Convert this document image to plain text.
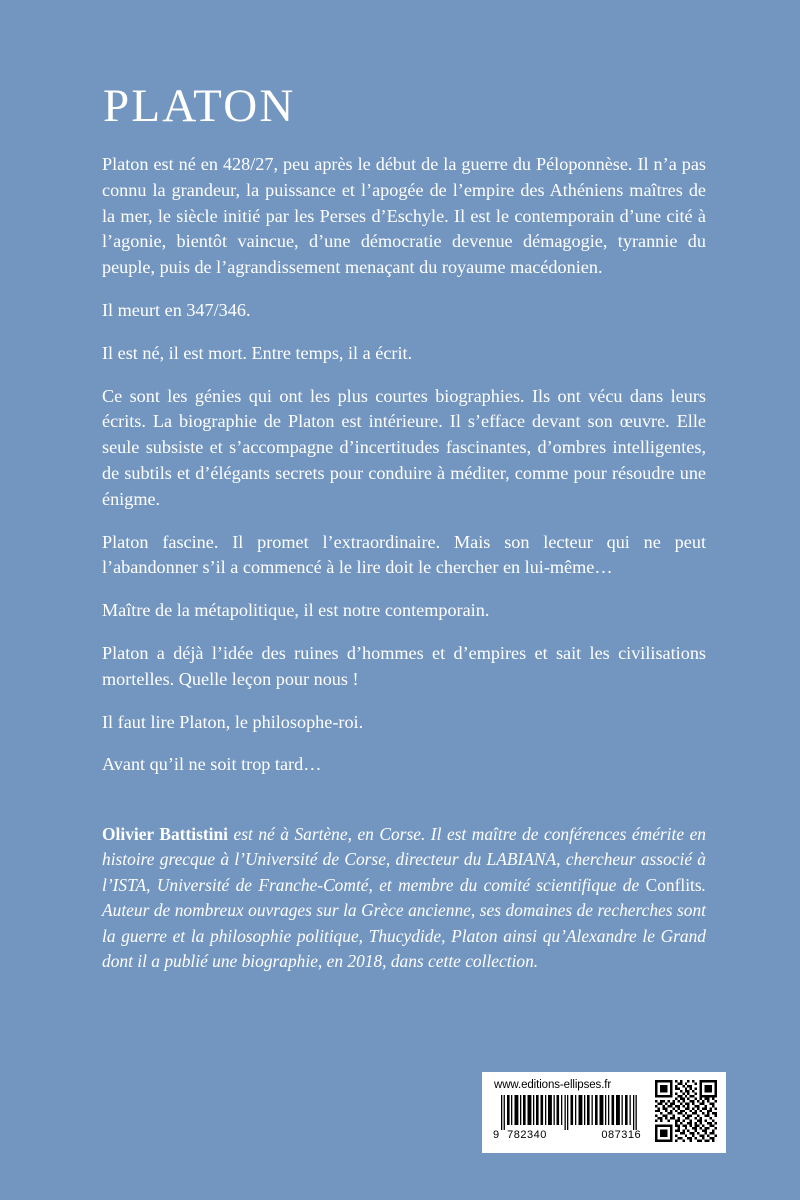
PLATON

Platon est né en 428/27, peu après le début de la guerre du Péloponnèse. Il n’a pas connu la grandeur, la puissance et l’apogée de l’empire des Athéniens maîtres de la mer, le siècle initié par les Perses d’Eschyle. Il est le contemporain d’une cité à l’agonie, bientôt vaincue, d’une démocratie devenue démagogie, tyrannie du peuple, puis de l’agrandissement menaçant du royaume macédonien.

Il meurt en 347/346.

Il est né, il est mort. Entre temps, il a écrit.

Ce sont les génies qui ont les plus courtes biographies. Ils ont vécu dans leurs écrits. La biographie de Platon est intérieure. Il s’efface devant son œuvre. Elle seule subsiste et s’accompagne d’incertitudes fascinantes, d’ombres intelligentes, de subtils et d’élégants secrets pour conduire à méditer, comme pour résoudre une énigme.

Platon fascine. Il promet l’extraordinaire. Mais son lecteur qui ne peut l’abandonner s’il a commencé à le lire doit le chercher en lui-même…

Maître de la métapolitique, il est notre contemporain.

Platon a déjà l’idée des ruines d’hommes et d’empires et sait les civilisations mortelles. Quelle leçon pour nous !

Il faut lire Platon, le philosophe-roi.

Avant qu’il ne soit trop tard…

Olivier Battistini est né à Sartène, en Corse. Il est maître de conférences émérite en histoire grecque à l’Université de Corse, directeur du LABIANA, chercheur associé à l’ISTA, Université de Franche-Comté, et membre du comité scientifique de Conflits. Auteur de nombreux ouvrages sur la Grèce ancienne, ses domaines de recherches sont la guerre et la philosophie politique, Thucydide, Platon ainsi qu’Alexandre le Grand dont il a publié une biographie, en 2018, dans cette collection.
www.editions-ellipses.fr
9 782340	087316
